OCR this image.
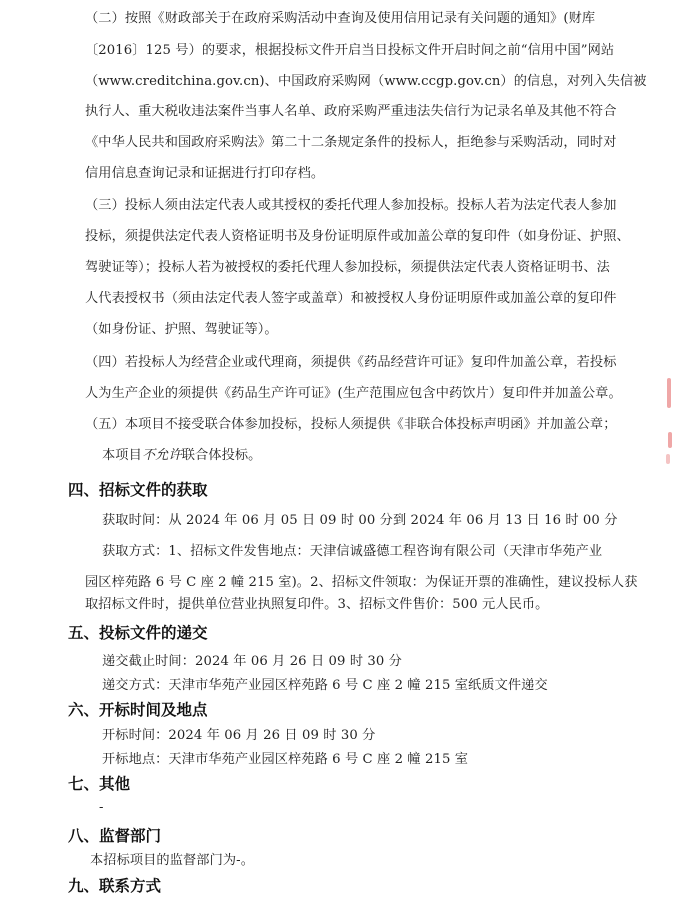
（二）按照《财政部关于在政府采购活动中查询及使用信用记录有关问题的通知》(财库
〔2016〕125 号）的要求，根据投标文件开启当日投标文件开启时间之前“信用中国”网站
（www.creditchina.gov.cn)、中国政府采购网（www.ccgp.gov.cn）的信息，对列入失信被
执行人、重大税收违法案件当事人名单、政府采购严重违法失信行为记录名单及其他不符合
《中华人民共和国政府采购法》第二十二条规定条件的投标人，拒绝参与采购活动，同时对
信用信息查询记录和证据进行打印存档。
（三）投标人须由法定代表人或其授权的委托代理人参加投标。投标人若为法定代表人参加
投标，须提供法定代表人资格证明书及身份证明原件或加盖公章的复印件（如身份证、护照、
驾驶证等）；投标人若为被授权的委托代理人参加投标，须提供法定代表人资格证明书、法
人代表授权书（须由法定代表人签字或盖章）和被授权人身份证明原件或加盖公章的复印件
（如身份证、护照、驾驶证等）。
（四）若投标人为经营企业或代理商，须提供《药品经营许可证》复印件加盖公章，若投标
人为生产企业的须提供《药品生产许可证》(生产范围应包含中药饮片）复印件并加盖公章。
（五）本项目不接受联合体参加投标，投标人须提供《非联合体投标声明函》并加盖公章；
本项目不允许联合体投标。
四、招标文件的获取
获取时间：从 2024 年 06 月 05 日 09 时 00 分到 2024 年 06 月 13 日 16 时 00 分
获取方式：1、招标文件发售地点：天津信诚盛德工程咨询有限公司（天津市华苑产业
园区梓苑路 6 号 C 座 2 幢 215 室)。2、招标文件领取：为保证开票的准确性，建议投标人获
取招标文件时，提供单位营业执照复印件。3、招标文件售价：500 元人民币。
五、投标文件的递交
递交截止时间：2024 年 06 月 26 日 09 时 30 分
递交方式：天津市华苑产业园区梓苑路 6 号 C 座 2 幢 215 室纸质文件递交
六、开标时间及地点
开标时间：2024 年 06 月 26 日 09 时 30 分
开标地点：天津市华苑产业园区梓苑路 6 号 C 座 2 幢 215 室
七、其他
-
八、监督部门
本招标项目的监督部门为-。
九、联系方式
